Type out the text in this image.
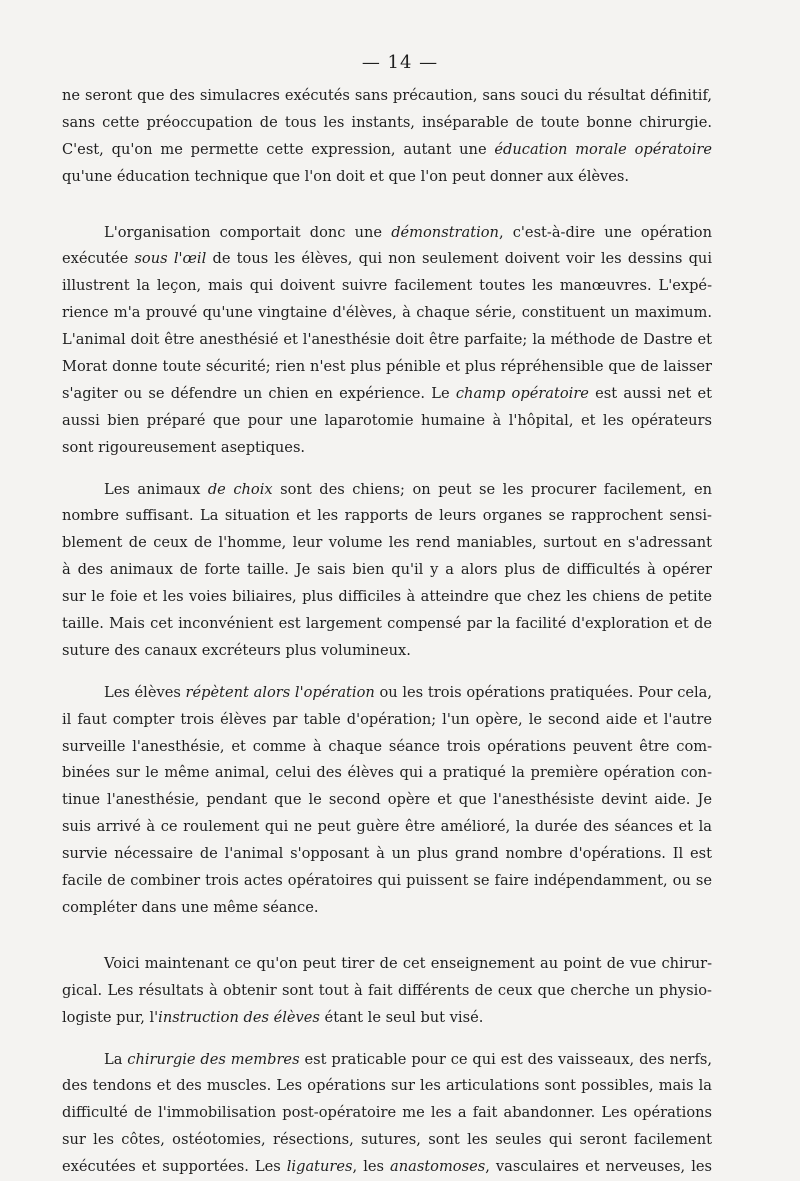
— 14 —

ne seront que des simulacres exécutés sans précaution, sans souci du résultat définitif,
sans cette préoccupation de tous les instants, inséparable de toute bonne chirurgie.
C'est, qu'on me permette cette expression, autant une éducation morale opératoire
qu'une éducation technique que l'on doit et que l'on peut donner aux élèves.

L'organisation comportait donc une démonstration, c'est-à-dire une opération
exécutée sous l'œil de tous les élèves, qui non seulement doivent voir les dessins qui
illustrent la leçon, mais qui doivent suivre facilement toutes les manœuvres. L'expé-
rience m'a prouvé qu'une vingtaine d'élèves, à chaque série, constituent un maximum.
L'animal doit être anesthésié et l'anesthésie doit être parfaite; la méthode de Dastre et
Morat donne toute sécurité; rien n'est plus pénible et plus répréhensible que de laisser
s'agiter ou se défendre un chien en expérience. Le champ opératoire est aussi net et
aussi bien préparé que pour une laparotomie humaine à l'hôpital, et les opérateurs
sont rigoureusement aseptiques.

Les animaux de choix sont des chiens; on peut se les procurer facilement, en
nombre suffisant. La situation et les rapports de leurs organes se rapprochent sensi-
blement de ceux de l'homme, leur volume les rend maniables, surtout en s'adressant
à des animaux de forte taille. Je sais bien qu'il y a alors plus de difficultés à opérer
sur le foie et les voies biliaires, plus difficiles à atteindre que chez les chiens de petite
taille. Mais cet inconvénient est largement compensé par la facilité d'exploration et de
suture des canaux excréteurs plus volumineux.

Les élèves répètent alors l'opération ou les trois opérations pratiquées. Pour cela,
il faut compter trois élèves par table d'opération; l'un opère, le second aide et l'autre
surveille l'anesthésie, et comme à chaque séance trois opérations peuvent être com-
binées sur le même animal, celui des élèves qui a pratiqué la première opération con-
tinue l'anesthésie, pendant que le second opère et que l'anesthésiste devint aide. Je
suis arrivé à ce roulement qui ne peut guère être amélioré, la durée des séances et la
survie nécessaire de l'animal s'opposant à un plus grand nombre d'opérations. Il est
facile de combiner trois actes opératoires qui puissent se faire indépendamment, ou se
compléter dans une même séance.

Voici maintenant ce qu'on peut tirer de cet enseignement au point de vue chirur-
gical. Les résultats à obtenir sont tout à fait différents de ceux que cherche un physio-
logiste pur, l'instruction des élèves étant le seul but visé.

La chirurgie des membres est praticable pour ce qui est des vaisseaux, des nerfs,
des tendons et des muscles. Les opérations sur les articulations sont possibles, mais la
difficulté de l'immobilisation post-opératoire me les a fait abandonner. Les opérations
sur les côtes, ostéotomies, résections, sutures, sont les seules qui seront facilement
exécutées et supportées. Les ligatures, les anastomoses, vasculaires et nerveuses, les
